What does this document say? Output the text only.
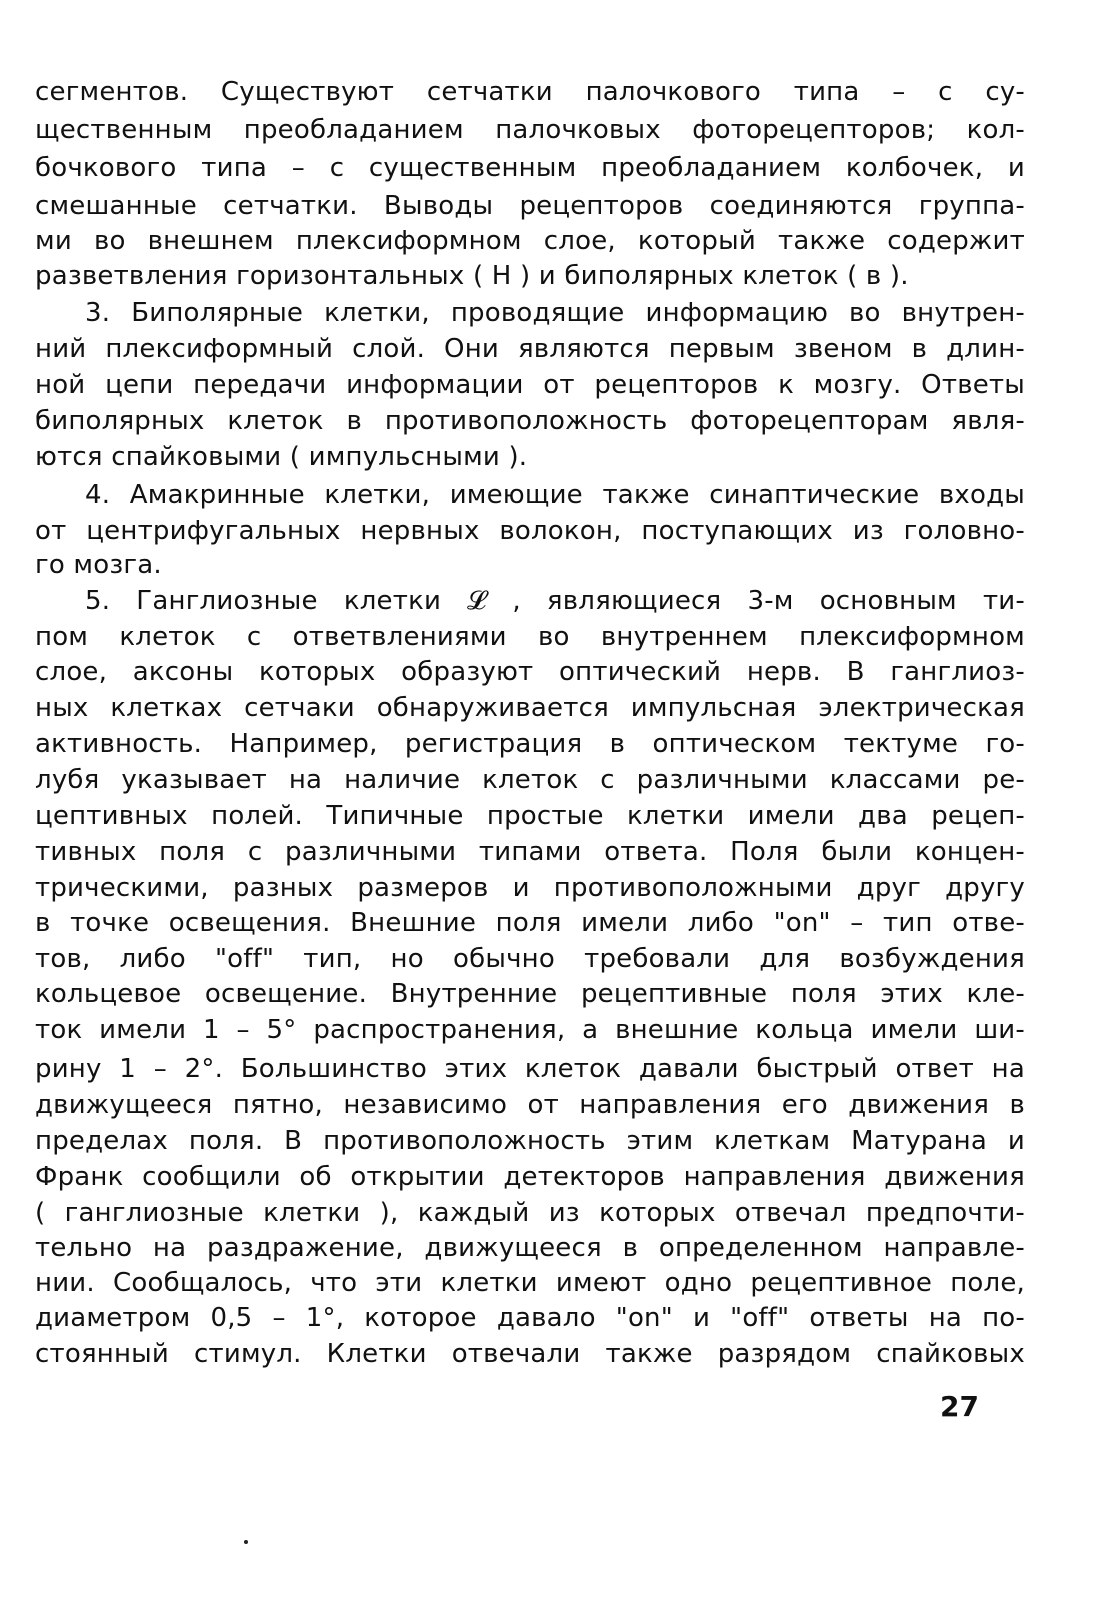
сегментов. Существуют сетчатки палочкового типа – с су-
щественным преобладанием палочковых фоторецепторов; кол-
бочкового типа – с существенным преобладанием колбочек, и
смешанные сетчатки. Выводы рецепторов соединяются группа-
ми во внешнем плексиформном слое, который также содержит
разветвления горизонтальных ( H ) и биполярных клеток ( в ).
3. Биполярные клетки, проводящие информацию во внутрен-
ний плексиформный слой. Они являются первым звеном в длин-
ной цепи передачи информации от рецепторов к мозгу. Ответы
биполярных клеток в противоположность фоторецепторам явля-
ются спайковыми ( импульсными ).
4. Амакринные клетки, имеющие также синаптические входы
от центрифугальных нервных волокон, поступающих из головно-
го мозга.
5. Ганглиозные клетки 𝓛 , являющиеся 3-м основным ти-
пом клеток с ответвлениями во внутреннем плексиформном
слое, аксоны которых образуют оптический нерв. В ганглиоз-
ных клетках сетчаки обнаруживается импульсная электрическая
активность. Например, регистрация в оптическом тектуме го-
лубя указывает на наличие клеток с различными классами ре-
цептивных полей. Типичные простые клетки имели два рецеп-
тивных поля с различными типами ответа. Поля были концен-
трическими, разных размеров и противоположными друг другу
в точке освещения. Внешние поля имели либо "on" – тип отве-
тов, либо "off" тип, но обычно требовали для возбуждения
кольцевое освещение. Внутренние рецептивные поля этих кле-
ток имели 1 – 5° распространения, а внешние кольца имели ши-
рину 1 – 2°. Большинство этих клеток давали быстрый ответ на
движущееся пятно, независимо от направления его движения в
пределах поля. В противоположность этим клеткам Матурана и
Франк сообщили об открытии детекторов направления движения
( ганглиозные клетки ), каждый из которых отвечал предпочти-
тельно на раздражение, движущееся в определенном направле-
нии. Сообщалось, что эти клетки имеют одно рецептивное поле,
диаметром 0,5 – 1°, которое давало "on" и "off" ответы на по-
стоянный стимул. Клетки отвечали также разрядом спайковых
27
